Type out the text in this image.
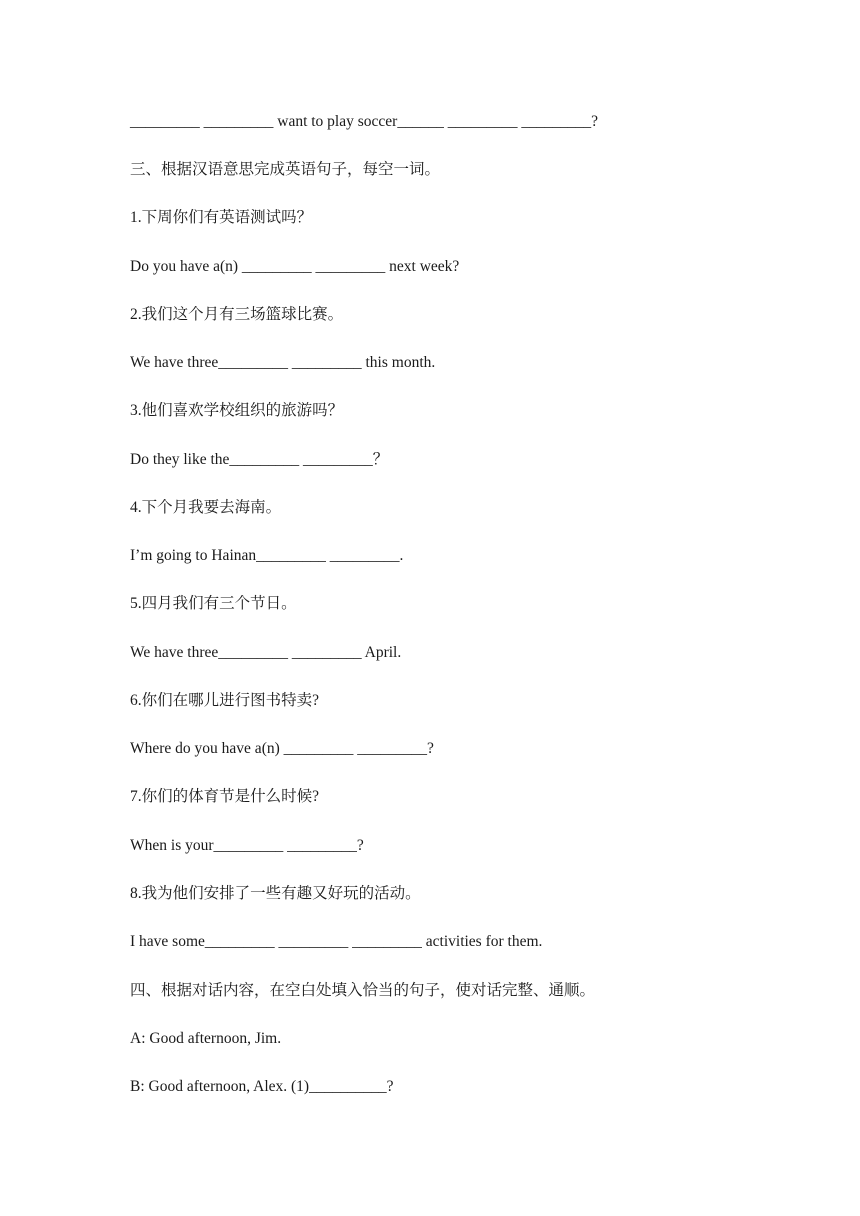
_________ _________ want to play soccer______ _________ _________?
三、根据汉语意思完成英语句子，每空一词。
1.下周你们有英语测试吗？
Do you have a(n) _________ _________ next week?
2.我们这个月有三场篮球比赛。
We have three_________ _________ this month.
3.他们喜欢学校组织的旅游吗？
Do they like the_________ _________？
4.下个月我要去海南。
I’m going to Hainan_________ _________.
5.四月我们有三个节日。
We have three_________ _________ April.
6.你们在哪儿进行图书特卖?
Where do you have a(n) _________ _________?
7.你们的体育节是什么时候?
When is your_________ _________?
8.我为他们安排了一些有趣又好玩的活动。
I have some_________ _________ _________ activities for them.
四、根据对话内容，在空白处填入恰当的句子，使对话完整、通顺。
A: Good afternoon, Jim.
B: Good afternoon, Alex. (1)__________?
